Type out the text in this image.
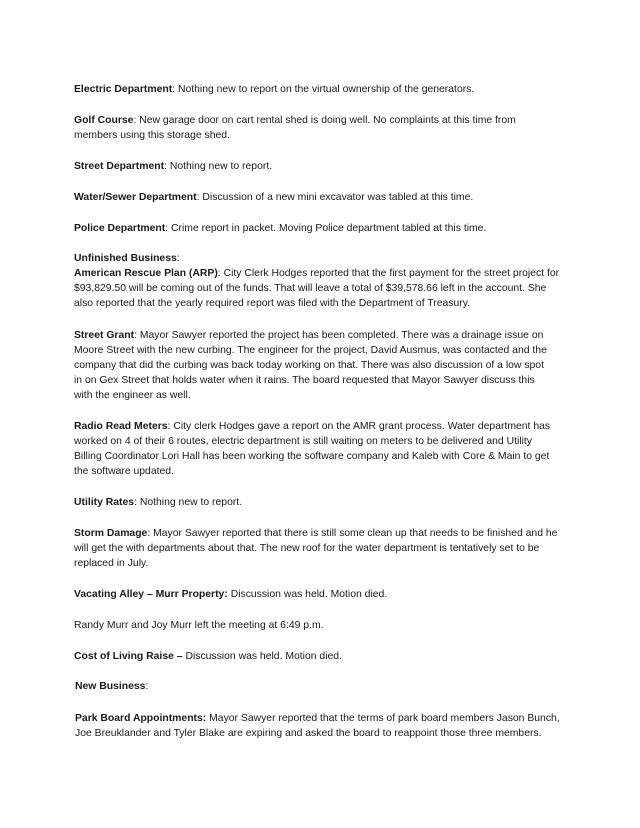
Electric Department: Nothing new to report on the virtual ownership of the generators.
Golf Course: New garage door on cart rental shed is doing well. No complaints at this time from
members using this storage shed.
Street Department: Nothing new to report.
Water/Sewer Department: Discussion of a new mini excavator was tabled at this time.
Police Department: Crime report in packet. Moving Police department tabled at this time.
Unfinished Business:
American Rescue Plan (ARP): City Clerk Hodges reported that the first payment for the street project for
$93,829.50 will be coming out of the funds. That will leave a total of $39,578.66 left in the account. She
also reported that the yearly required report was filed with the Department of Treasury.
Street Grant: Mayor Sawyer reported the project has been completed. There was a drainage issue on
Moore Street with the new curbing. The engineer for the project, David Ausmus, was contacted and the
company that did the curbing was back today working on that. There was also discussion of a low spot
in on Gex Street that holds water when it rains. The board requested that Mayor Sawyer discuss this
with the engineer as well.
Radio Read Meters: City clerk Hodges gave a report on the AMR grant process. Water department has
worked on 4 of their 6 routes, electric department is still waiting on meters to be delivered and Utility
Billing Coordinator Lori Hall has been working the software company and Kaleb with Core & Main to get
the software updated.
Utility Rates: Nothing new to report.
Storm Damage: Mayor Sawyer reported that there is still some clean up that needs to be finished and he
will get the with departments about that. The new roof for the water department is tentatively set to be
replaced in July.
Vacating Alley – Murr Property: Discussion was held. Motion died.
Randy Murr and Joy Murr left the meeting at 6:49 p.m.
Cost of Living Raise – Discussion was held. Motion died.
New Business:
Park Board Appointments: Mayor Sawyer reported that the terms of park board members Jason Bunch,
Joe Breuklander and Tyler Blake are expiring and asked the board to reappoint those three members.
